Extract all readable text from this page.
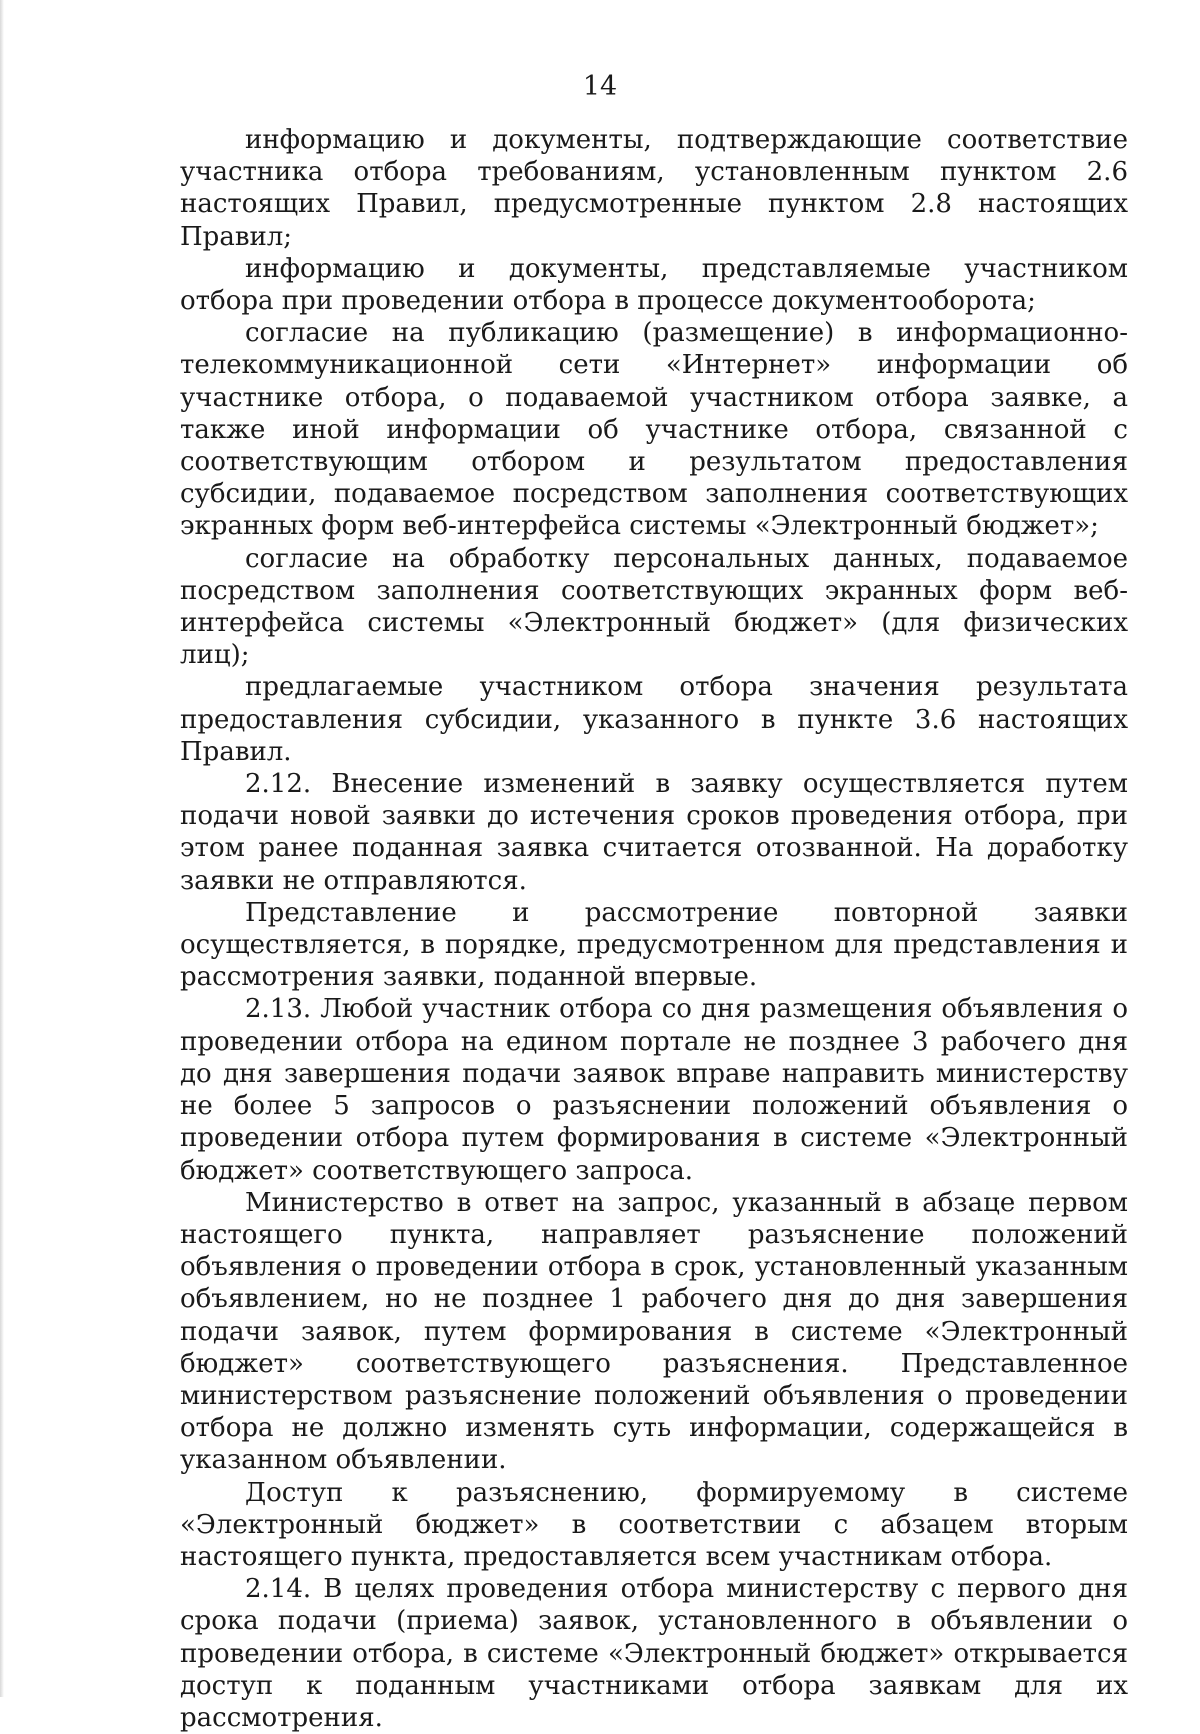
14

информацию и документы, подтверждающие соответствие участника отбора требованиям, установленным пунктом 2.6 настоящих Правил, предусмотренные пунктом 2.8 настоящих Правил;

информацию и документы, представляемые участником отбора при проведении отбора в процессе документооборота;

согласие на публикацию (размещение) в информационно-телекоммуникационной сети «Интернет» информации об участнике отбора, о подаваемой участником отбора заявке, а также иной информации об участнике отбора, связанной с соответствующим отбором и результатом предоставления субсидии, подаваемое посредством заполнения соответствующих экранных форм веб-интерфейса системы «Электронный бюджет»;

согласие на обработку персональных данных, подаваемое посредством заполнения соответствующих экранных форм веб-интерфейса системы «Электронный бюджет» (для физических лиц);

предлагаемые участником отбора значения результата предоставления субсидии, указанного в пункте 3.6 настоящих Правил.

2.12. Внесение изменений в заявку осуществляется путем подачи новой заявки до истечения сроков проведения отбора, при этом ранее поданная заявка считается отозванной. На доработку заявки не отправляются.

Представление и рассмотрение повторной заявки осуществляется, в порядке, предусмотренном для представления и рассмотрения заявки, поданной впервые.

2.13. Любой участник отбора со дня размещения объявления о проведении отбора на едином портале не позднее 3 рабочего дня до дня завершения подачи заявок вправе направить министерству не более 5 запросов о разъяснении положений объявления о проведении отбора путем формирования в системе «Электронный бюджет» соответствующего запроса.

Министерство в ответ на запрос, указанный в абзаце первом настоящего пункта, направляет разъяснение положений объявления о проведении отбора в срок, установленный указанным объявлением, но не позднее 1 рабочего дня до дня завершения подачи заявок, путем формирования в системе «Электронный бюджет» соответствующего разъяснения. Представленное министерством разъяснение положений объявления о проведении отбора не должно изменять суть информации, содержащейся в указанном объявлении.

Доступ к разъяснению, формируемому в системе «Электронный бюджет» в соответствии с абзацем вторым настоящего пункта, предоставляется всем участникам отбора.

2.14. В целях проведения отбора министерству с первого дня срока подачи (приема) заявок, установленного в объявлении о проведении отбора, в системе «Электронный бюджет» открывается доступ к поданным участниками отбора заявкам для их рассмотрения.
